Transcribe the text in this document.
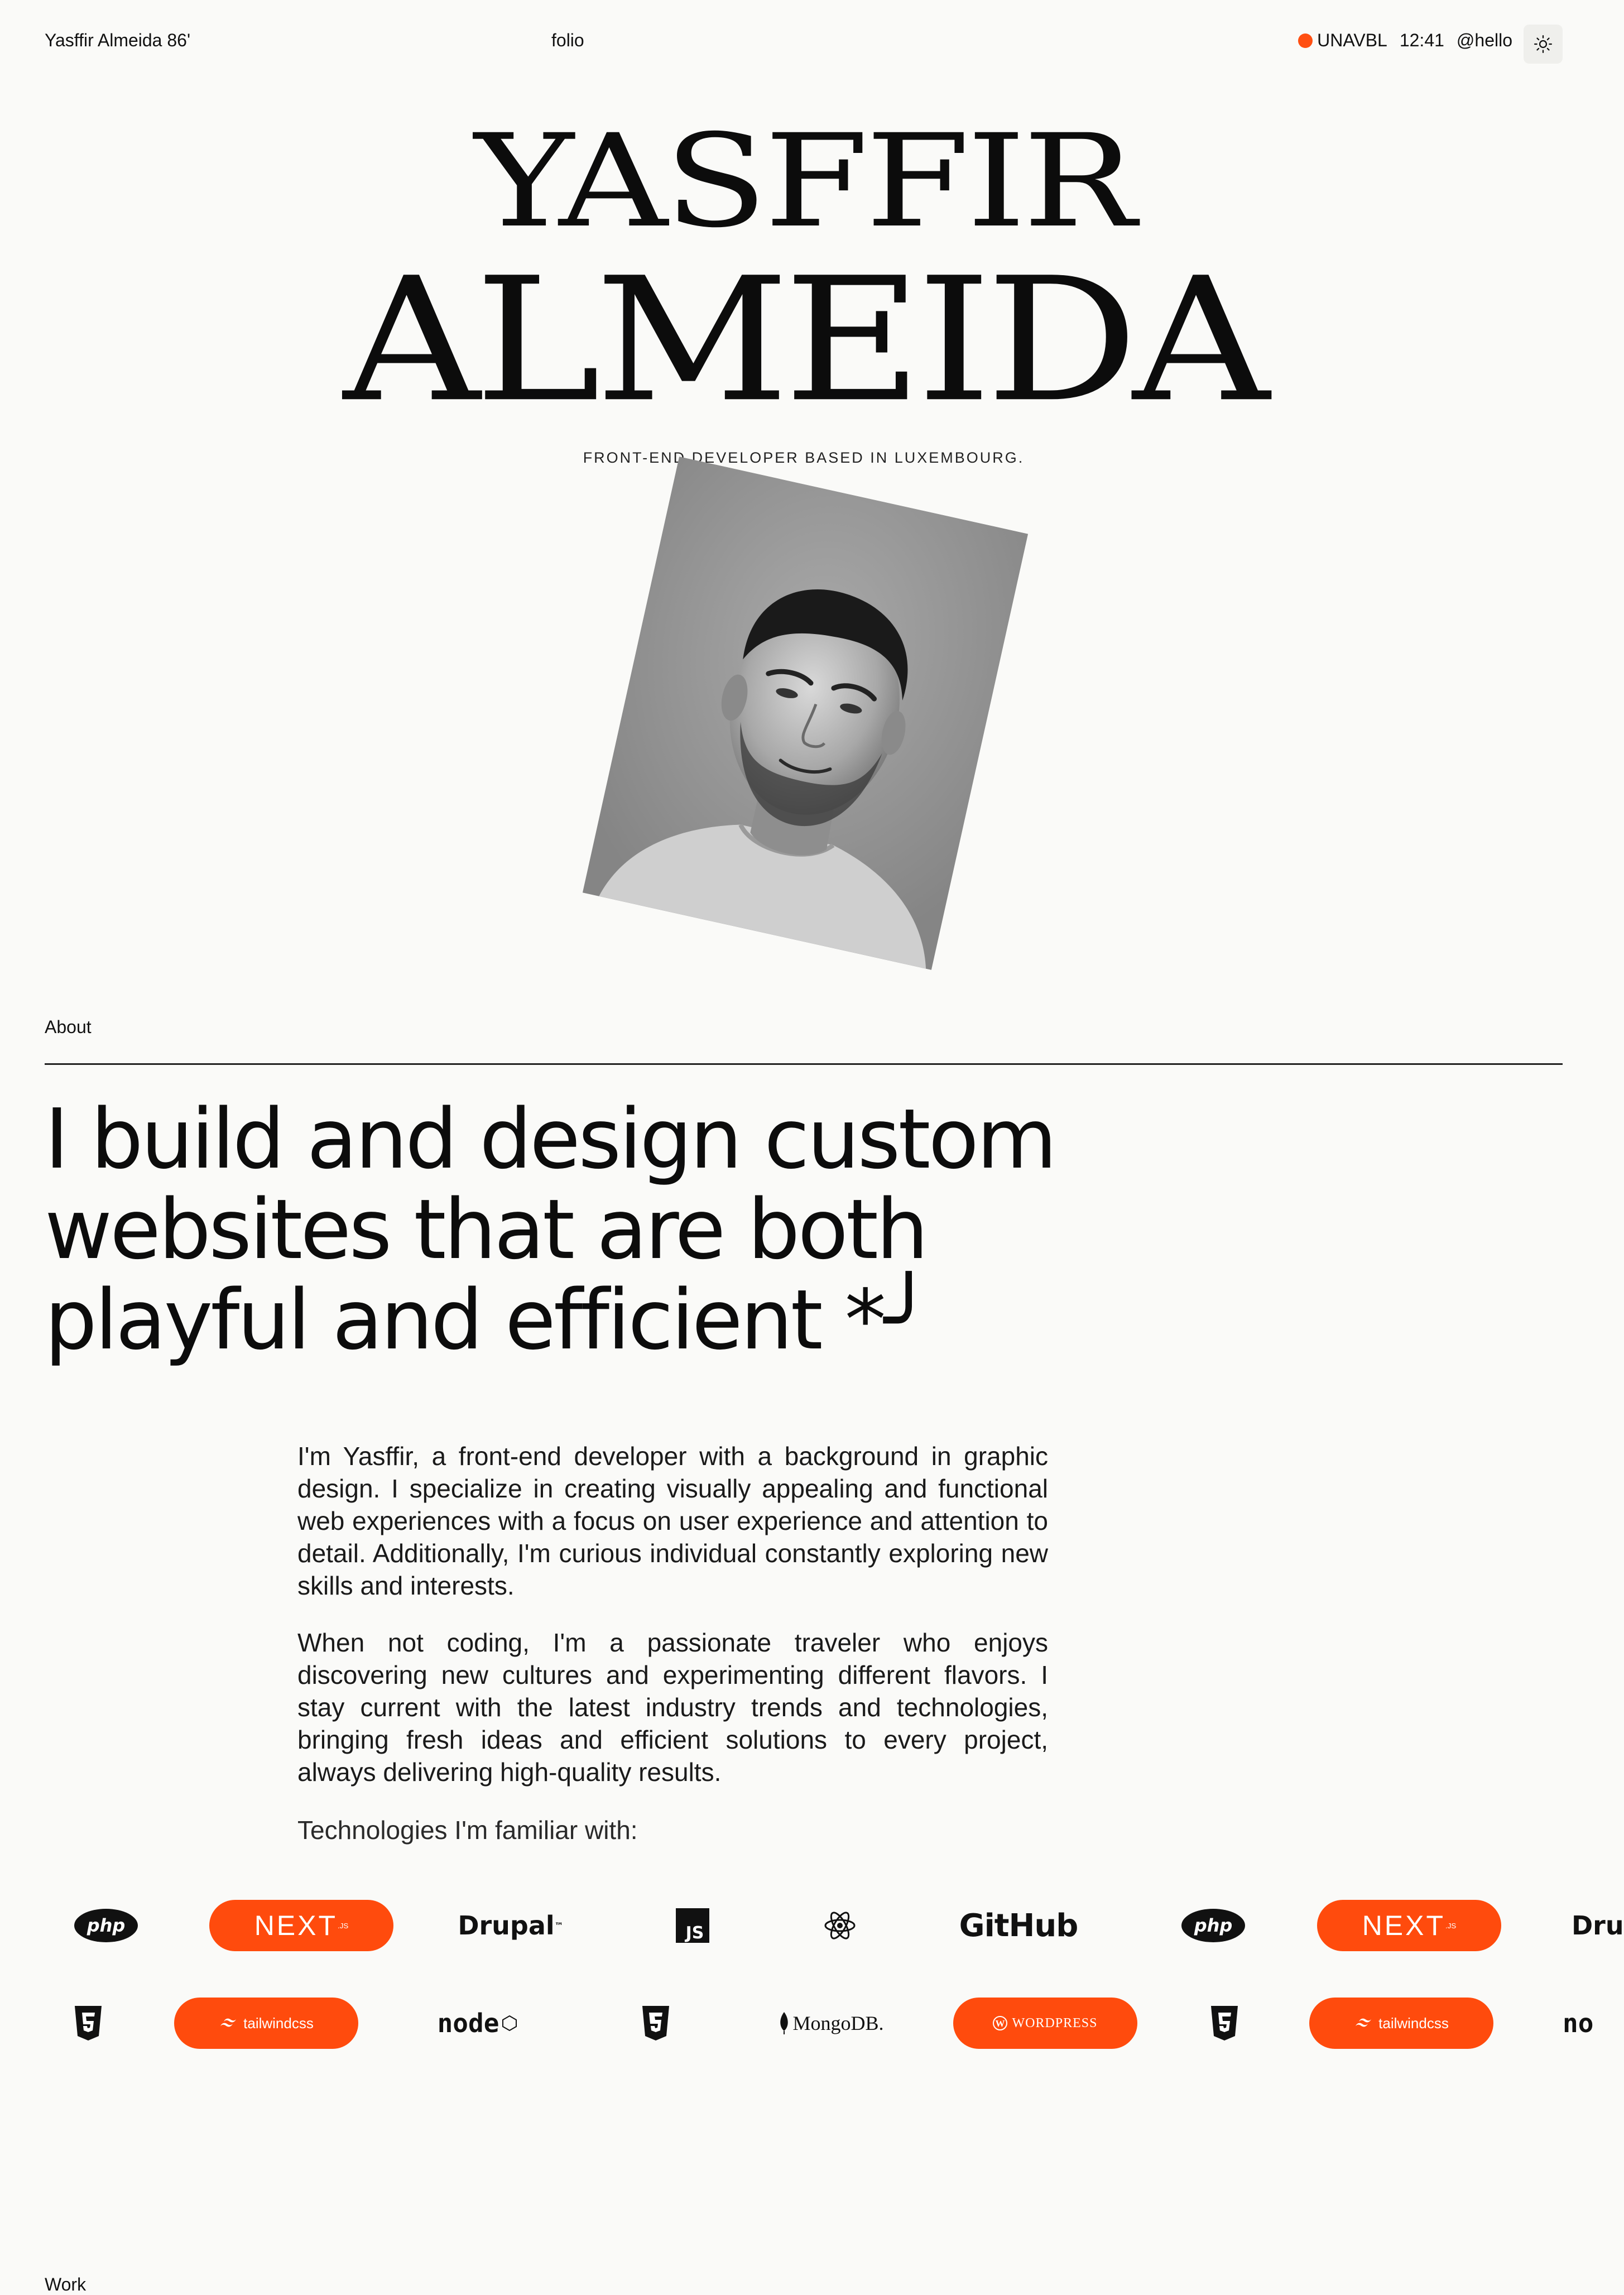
Yasffir Almeida 86'	folio	UNAVBL 12:41 @hello
YASFFIR
ALMEIDA
FRONT-END DEVELOPER BASED IN LUXEMBOURG.
About
I build and design custom
websites that are both
playful and efficient *╯

I'm Yasffir, a front-end developer with a background in graphic design. I specialize in creating visually appealing and functional web experiences with a focus on user experience and attention to detail. Additionally, I'm curious individual constantly exploring new skills and interests.

When not coding, I'm a passionate traveler who enjoys discovering new cultures and experimenting different flavors. I stay current with the latest industry trends and technologies, bringing fresh ideas and efficient solutions to every project, always delivering high-quality results.

Technologies I'm familiar with:
php	NEXT .JS	Drupal ™	JS	GitHub	php	NEXT .JS	Dru
tailwindcss	node	MongoDB.	W WORDPRESS	tailwindcss	no
Work
